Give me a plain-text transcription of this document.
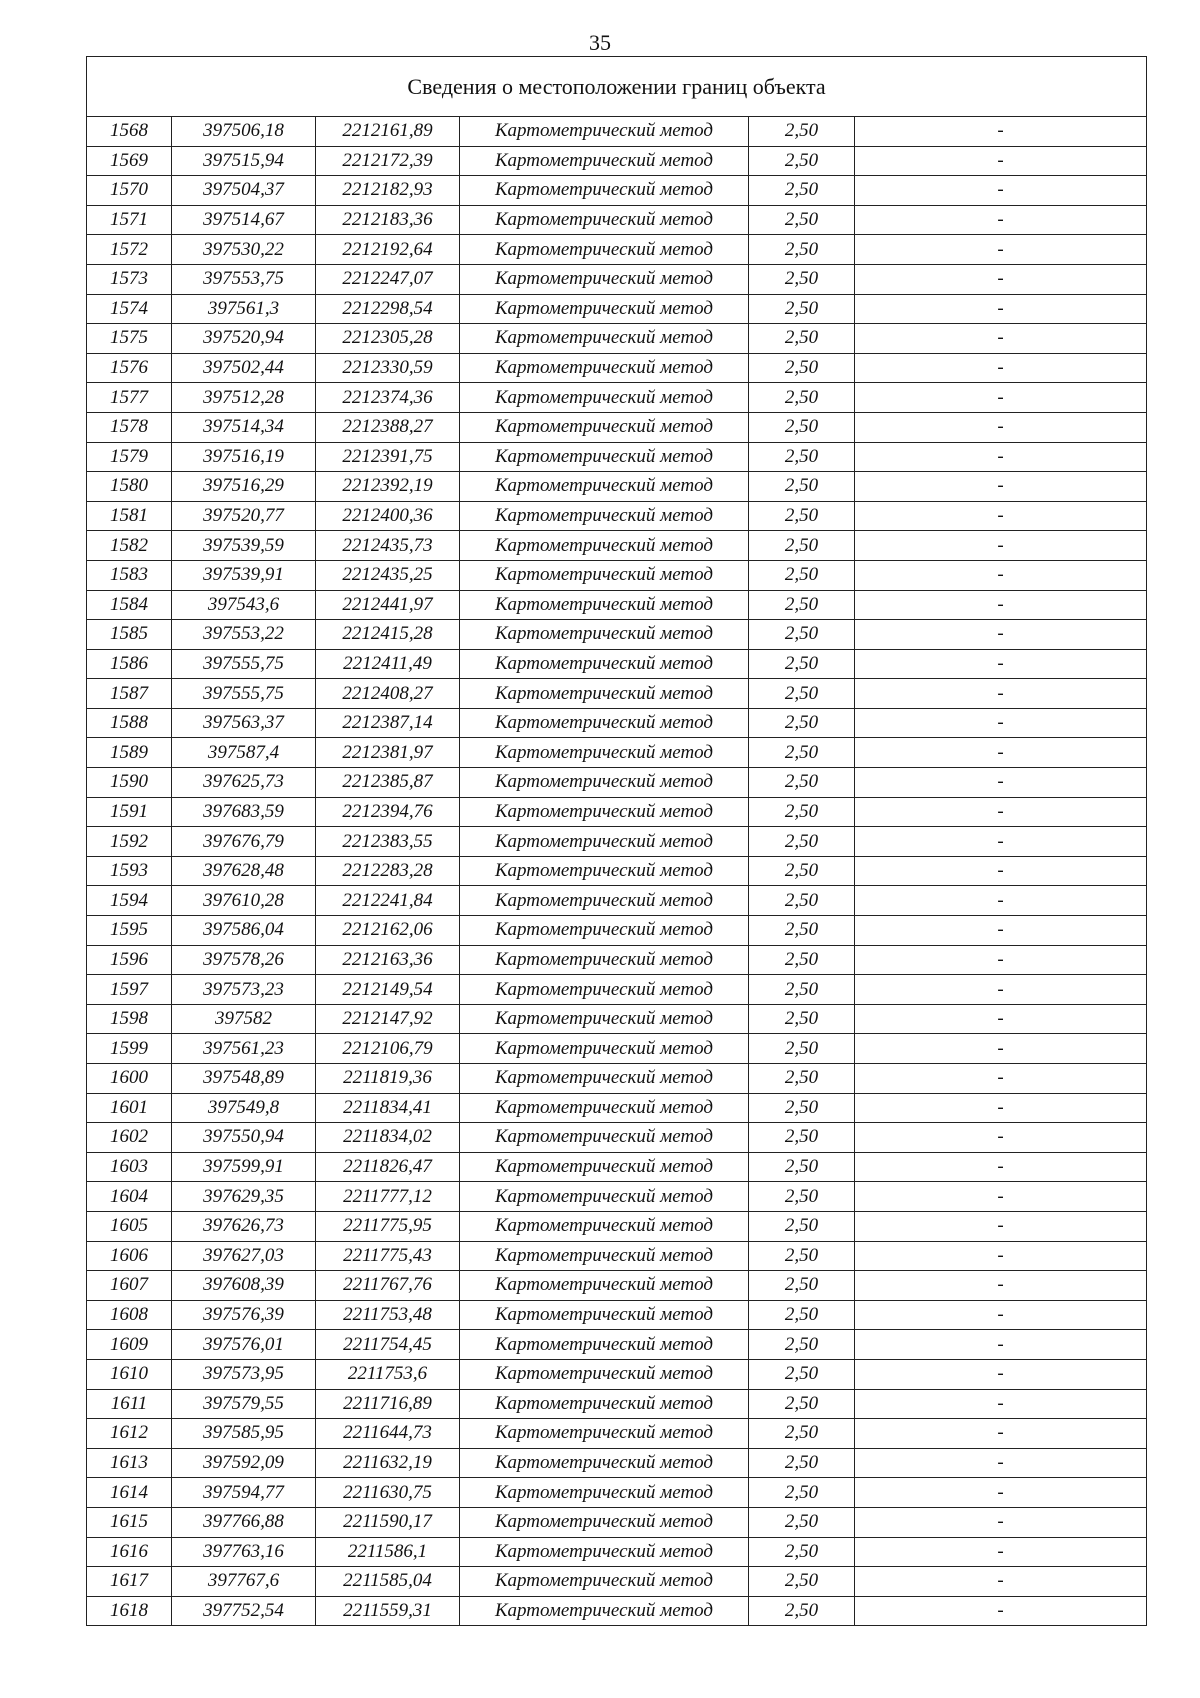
35
Сведения о местоположении границ объекта					
1568	397506,18	2212161,89	Картометрический метод	2,50	-
1569	397515,94	2212172,39	Картометрический метод	2,50	-
1570	397504,37	2212182,93	Картометрический метод	2,50	-
1571	397514,67	2212183,36	Картометрический метод	2,50	-
1572	397530,22	2212192,64	Картометрический метод	2,50	-
1573	397553,75	2212247,07	Картометрический метод	2,50	-
1574	397561,3	2212298,54	Картометрический метод	2,50	-
1575	397520,94	2212305,28	Картометрический метод	2,50	-
1576	397502,44	2212330,59	Картометрический метод	2,50	-
1577	397512,28	2212374,36	Картометрический метод	2,50	-
1578	397514,34	2212388,27	Картометрический метод	2,50	-
1579	397516,19	2212391,75	Картометрический метод	2,50	-
1580	397516,29	2212392,19	Картометрический метод	2,50	-
1581	397520,77	2212400,36	Картометрический метод	2,50	-
1582	397539,59	2212435,73	Картометрический метод	2,50	-
1583	397539,91	2212435,25	Картометрический метод	2,50	-
1584	397543,6	2212441,97	Картометрический метод	2,50	-
1585	397553,22	2212415,28	Картометрический метод	2,50	-
1586	397555,75	2212411,49	Картометрический метод	2,50	-
1587	397555,75	2212408,27	Картометрический метод	2,50	-
1588	397563,37	2212387,14	Картометрический метод	2,50	-
1589	397587,4	2212381,97	Картометрический метод	2,50	-
1590	397625,73	2212385,87	Картометрический метод	2,50	-
1591	397683,59	2212394,76	Картометрический метод	2,50	-
1592	397676,79	2212383,55	Картометрический метод	2,50	-
1593	397628,48	2212283,28	Картометрический метод	2,50	-
1594	397610,28	2212241,84	Картометрический метод	2,50	-
1595	397586,04	2212162,06	Картометрический метод	2,50	-
1596	397578,26	2212163,36	Картометрический метод	2,50	-
1597	397573,23	2212149,54	Картометрический метод	2,50	-
1598	397582	2212147,92	Картометрический метод	2,50	-
1599	397561,23	2212106,79	Картометрический метод	2,50	-
1600	397548,89	2211819,36	Картометрический метод	2,50	-
1601	397549,8	2211834,41	Картометрический метод	2,50	-
1602	397550,94	2211834,02	Картометрический метод	2,50	-
1603	397599,91	2211826,47	Картометрический метод	2,50	-
1604	397629,35	2211777,12	Картометрический метод	2,50	-
1605	397626,73	2211775,95	Картометрический метод	2,50	-
1606	397627,03	2211775,43	Картометрический метод	2,50	-
1607	397608,39	2211767,76	Картометрический метод	2,50	-
1608	397576,39	2211753,48	Картометрический метод	2,50	-
1609	397576,01	2211754,45	Картометрический метод	2,50	-
1610	397573,95	2211753,6	Картометрический метод	2,50	-
1611	397579,55	2211716,89	Картометрический метод	2,50	-
1612	397585,95	2211644,73	Картометрический метод	2,50	-
1613	397592,09	2211632,19	Картометрический метод	2,50	-
1614	397594,77	2211630,75	Картометрический метод	2,50	-
1615	397766,88	2211590,17	Картометрический метод	2,50	-
1616	397763,16	2211586,1	Картометрический метод	2,50	-
1617	397767,6	2211585,04	Картометрический метод	2,50	-
1618	397752,54	2211559,31	Картометрический метод	2,50	-
